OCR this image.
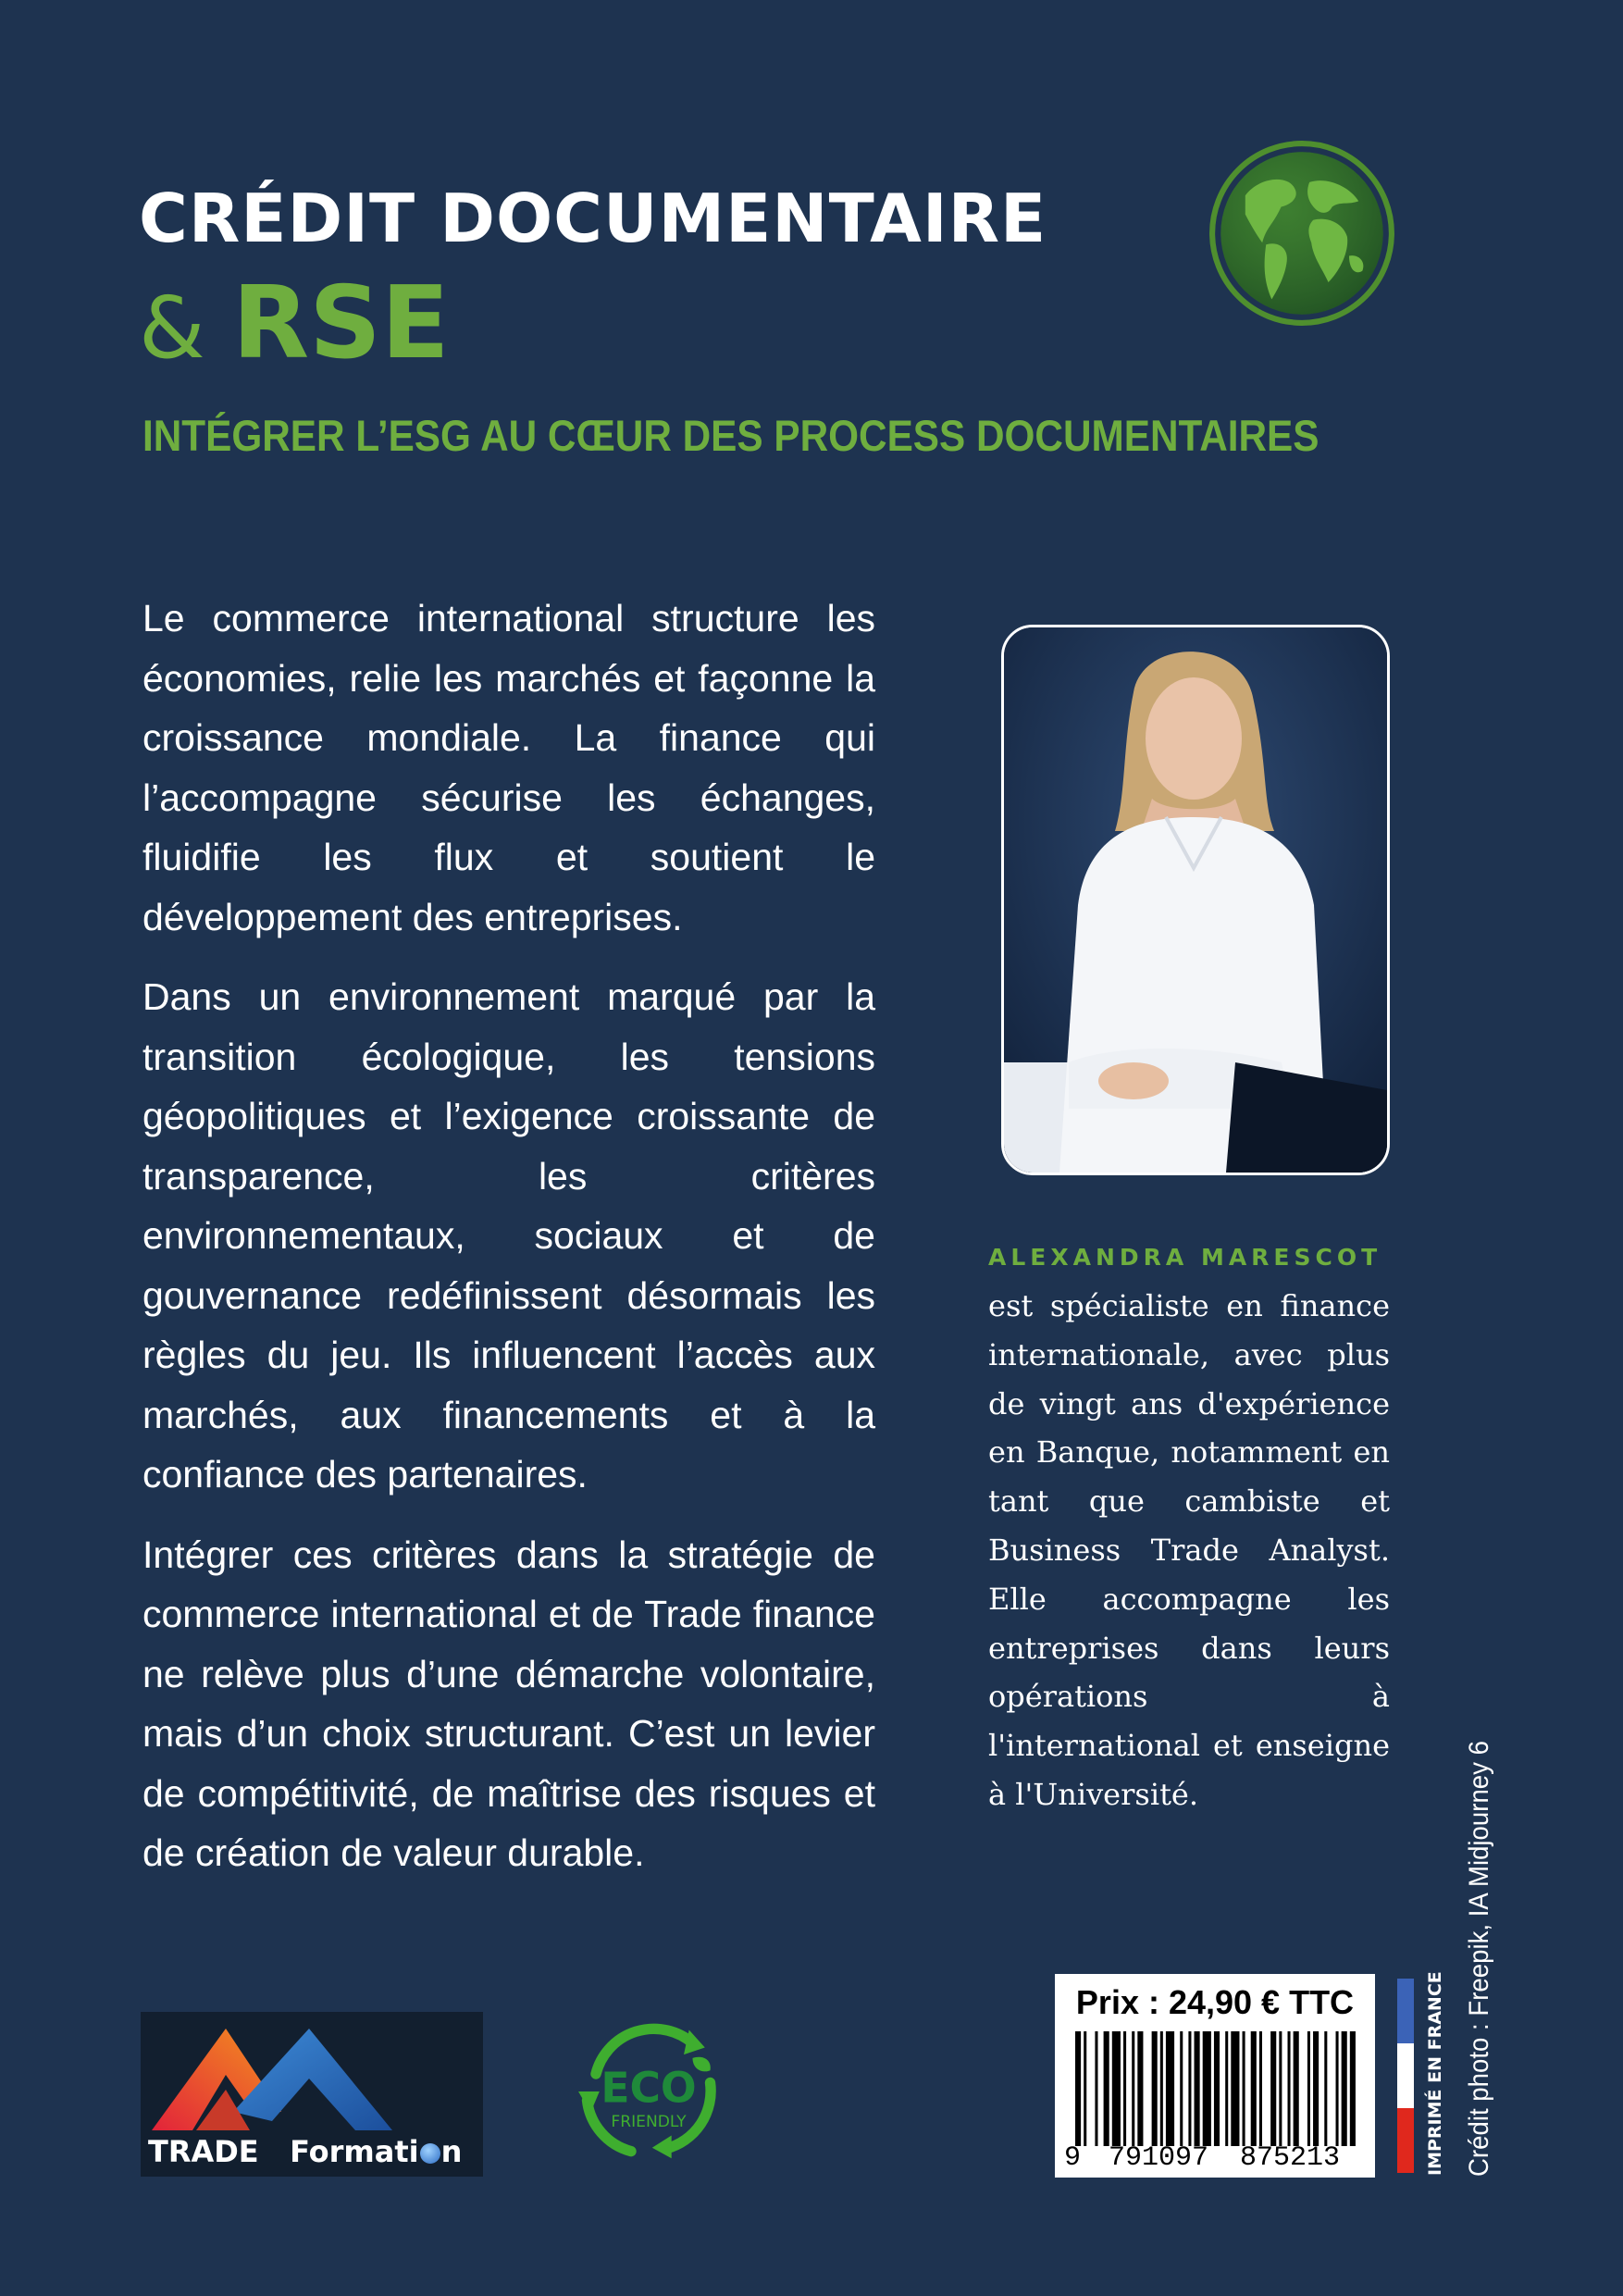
CRÉDIT DOCUMENTAIRE
& RSE
INTÉGRER L’ESG AU CŒUR DES PROCESS DOCUMENTAIRES

Le commerce international structure les économies, relie les marchés et façonne la croissance mondiale. La finance qui l’accompagne sécurise les échanges, fluidifie les flux et soutient le développement des entreprises.

Dans un environnement marqué par la transition écologique, les tensions géopolitiques et l’exigence croissante de transparence, les critères environnementaux, sociaux et de gouvernance redéfinissent désormais les règles du jeu. Ils influencent l’accès aux marchés, aux financements et à la confiance des partenaires.

Intégrer ces critères dans la stratégie de commerce international et de Trade finance ne relève plus d’une démarche volontaire, mais d’un choix structurant. C’est un levier de compétitivité, de maîtrise des risques et de création de valeur durable.

ALEXANDRA MARESCOT

est spécialiste en finance internationale, avec plus de vingt ans d'expérience en Banque, notamment en tant que cambiste et Business Trade Analyst. Elle accompagne les entreprises dans leurs opérations à l'international et enseigne à l'Université.

TRADE Formati n
ECO
FRIENDLY
Prix : 24,90 € TTC
9 791097 875213	IMPRIMÉ EN FRANCE Crédit photo : Freepik, IA Midjourney 6
